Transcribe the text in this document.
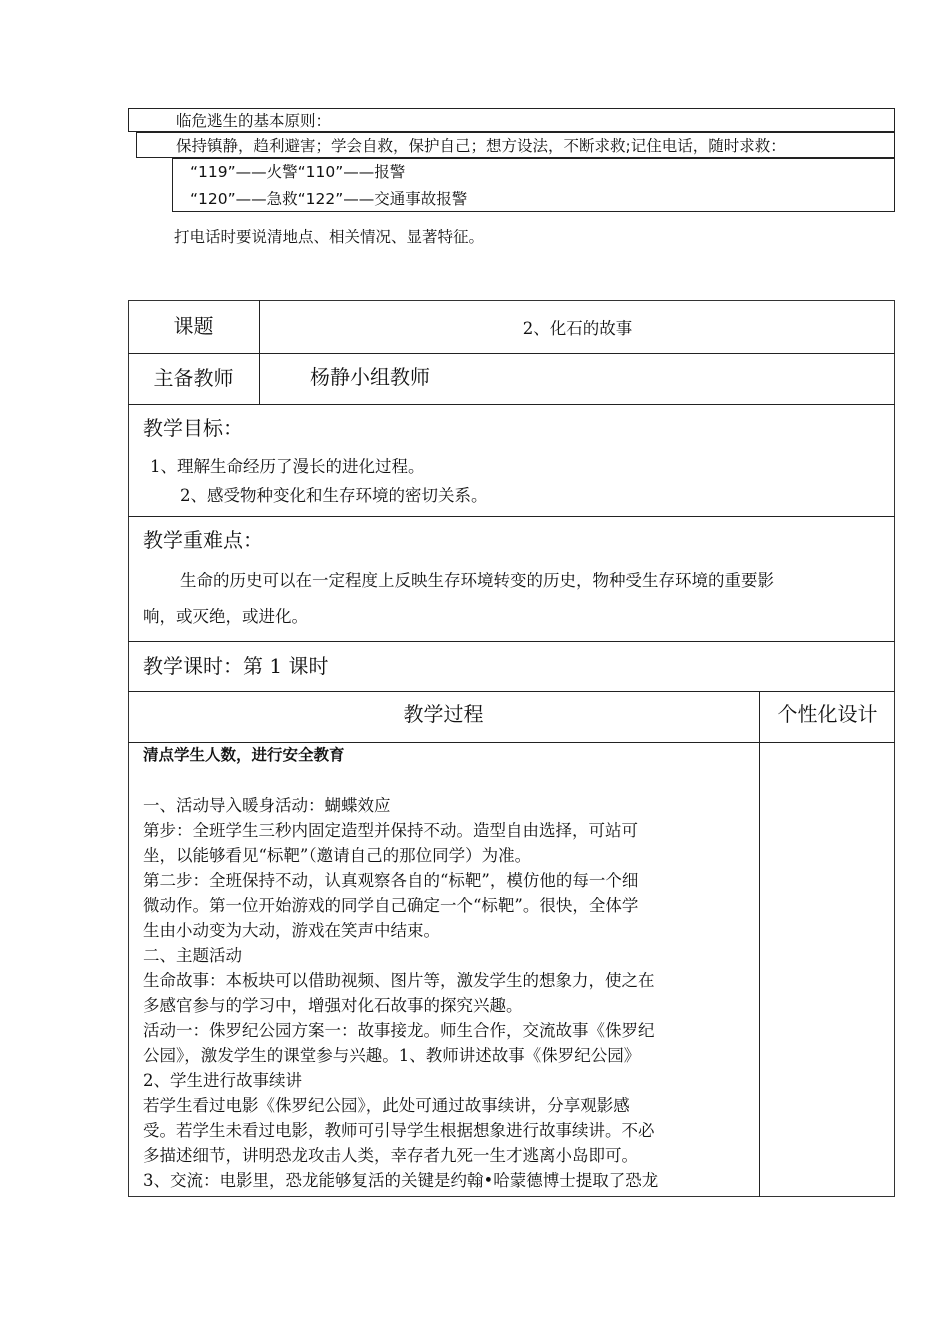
临危逃生的基本原则：
保持镇静，趋利避害；学会自救，保护自己；想方设法，不断求救;记住电话，随时求救：
“119”——火警“110”——报警
“120”——急救“122”——交通事故报警
打电话时要说清地点、相关情况、显著特征。
课题	2、化石的故事
主备教师	杨静小组教师
教学目标：
1、理解生命经历了漫长的进化过程。
2、感受物种变化和生存环境的密切关系。
教学重难点：
生命的历史可以在一定程度上反映生存环境转变的历史，物种受生存环境的重要影
响，或灭绝，或进化。
教学课时：第 1 课时
教学过程	个性化设计
清点学生人数，进行安全教育
一、活动导入暖身活动：蝴蝶效应
第步：全班学生三秒内固定造型并保持不动。造型自由选择，可站可
坐，以能够看见“标靶”（邀请自己的那位同学）为准。
第二步：全班保持不动，认真观察各自的“标靶”，模仿他的每一个细
微动作。第一位开始游戏的同学自己确定一个“标靶”。很快，全体学
生由小动变为大动，游戏在笑声中结束。
二、主题活动
生命故事：本板块可以借助视频、图片等，激发学生的想象力，使之在
多感官参与的学习中，增强对化石故事的探究兴趣。
活动一：侏罗纪公园方案一：故事接龙。师生合作，交流故事《侏罗纪
公园》，激发学生的课堂参与兴趣。1、教师讲述故事《侏罗纪公园》
2、学生进行故事续讲
若学生看过电影《侏罗纪公园》，此处可通过故事续讲，分享观影感
受。若学生未看过电影，教师可引导学生根据想象进行故事续讲。不必
多描述细节，讲明恐龙攻击人类，幸存者九死一生才逃离小岛即可。
3、交流：电影里，恐龙能够复活的关键是约翰•哈蒙德博士提取了恐龙
